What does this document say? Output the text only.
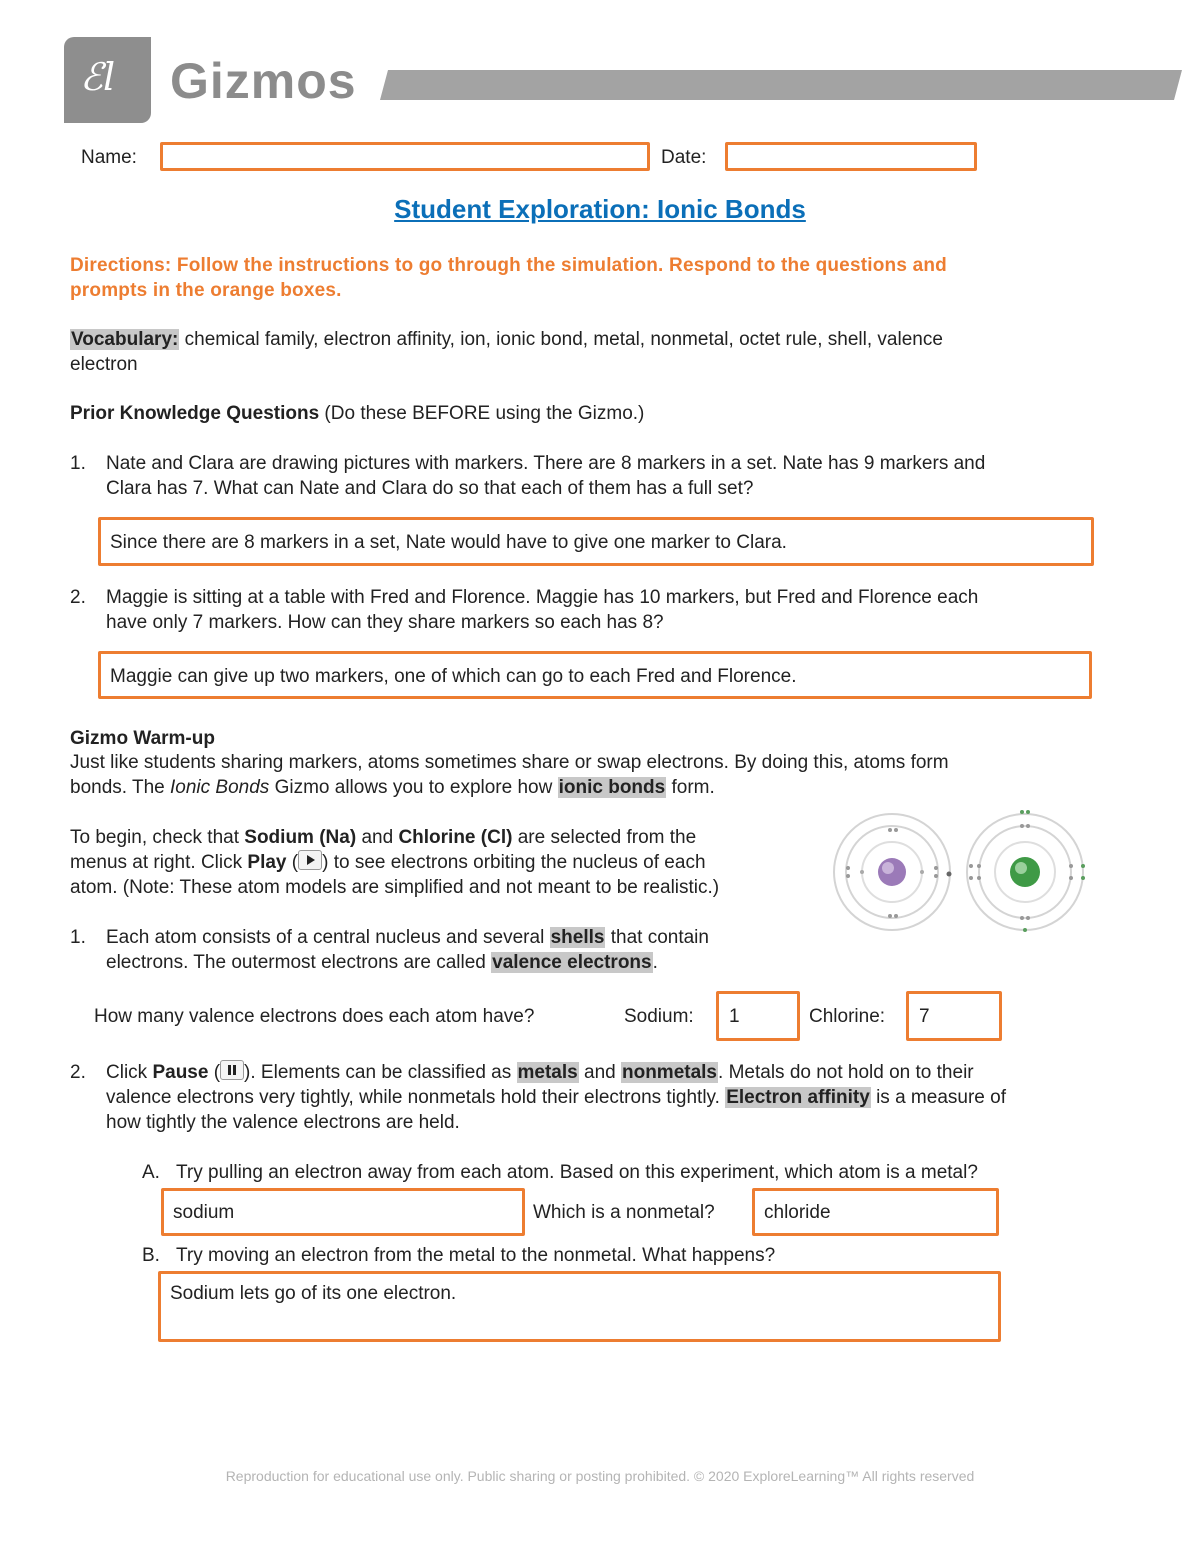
ℰl Gizmos
Name:	Date:
Student Exploration: Ionic Bonds
Directions: Follow the instructions to go through the simulation. Respond to the questions and
prompts in the orange boxes.
Vocabulary: chemical family, electron affinity, ion, ionic bond, metal, nonmetal, octet rule, shell, valence
electron
Prior Knowledge Questions (Do these BEFORE using the Gizmo.)
1. Nate and Clara are drawing pictures with markers. There are 8 markers in a set. Nate has 9 markers and
Clara has 7. What can Nate and Clara do so that each of them has a full set?
Since there are 8 markers in a set, Nate would have to give one marker to Clara.
2. Maggie is sitting at a table with Fred and Florence. Maggie has 10 markers, but Fred and Florence each
have only 7 markers. How can they share markers so each has 8?
Maggie can give up two markers, one of which can go to each Fred and Florence.
Gizmo Warm-up
Just like students sharing markers, atoms sometimes share or swap electrons. By doing this, atoms form
bonds. The Ionic Bonds Gizmo allows you to explore how ionic bonds form.
To begin, check that Sodium (Na) and Chlorine (Cl) are selected from the
menus at right. Click Play ( ) to see electrons orbiting the nucleus of each
atom. (Note: These atom models are simplified and not meant to be realistic.)
1. Each atom consists of a central nucleus and several shells that contain
electrons. The outermost electrons are called valence electrons.
How many valence electrons does each atom have?	Sodium: 1	Chlorine: 7
2. Click Pause ( ). Elements can be classified as metals and nonmetals. Metals do not hold on to their
valence electrons very tightly, while nonmetals hold their electrons tightly. Electron affinity is a measure of
how tightly the valence electrons are held.
A. Try pulling an electron away from each atom. Based on this experiment, which atom is a metal?
sodium	Which is a nonmetal?	chloride
B. Try moving an electron from the metal to the nonmetal. What happens?
Sodium lets go of its one electron.
Reproduction for educational use only. Public sharing or posting prohibited. © 2020 ExploreLearning™ All rights reserved
